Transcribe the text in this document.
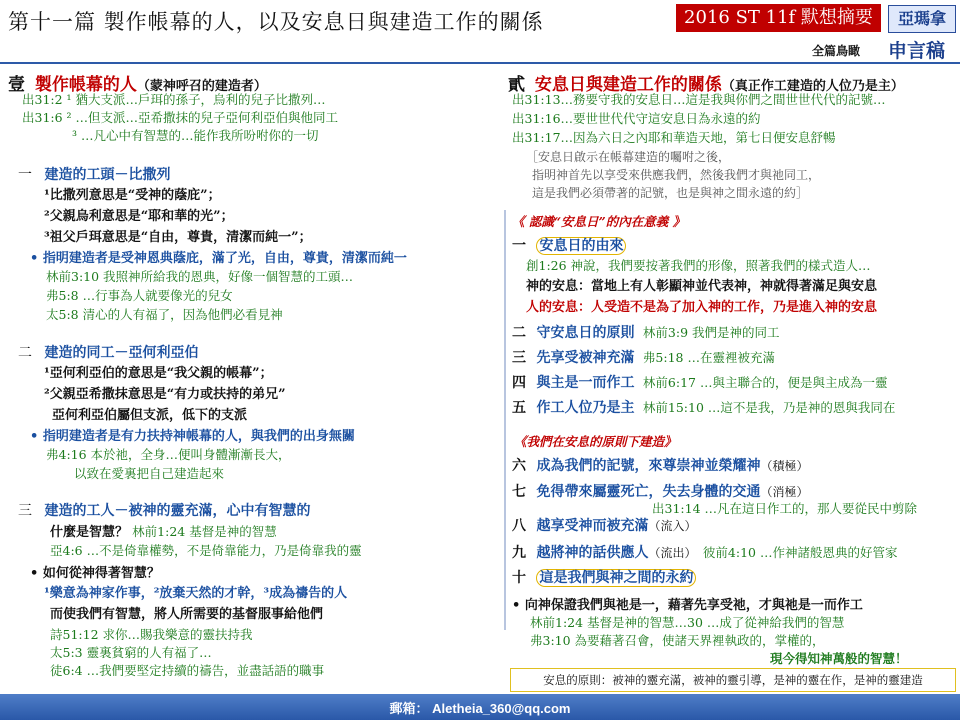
第十一篇 製作帳幕的人，以及安息日與建造工作的關係	2016 ST 11f 默想摘要	亞瑪拿
全篇鳥瞰 申言稿
壹 製作帳幕的人（蒙神呼召的建造者）
出31:2 ¹ 猶大支派…戶珥的孫子，烏利的兒子比撒列…
出31:6 ² …但支派…亞希撒抹的兒子亞何利亞伯與他同工
³ …凡心中有智慧的…能作我所吩咐你的一切
一 建造的工頭－比撒列
¹比撒列意思是“受神的蔭庇”；
²父親烏利意思是“耶和華的光”；
³祖父戶珥意思是“自由，尊貴，清潔而純一”；
• 指明建造者是受神恩典蔭庇，滿了光，自由，尊貴，清潔而純一
林前3:10 我照神所給我的恩典，好像一個智慧的工頭…
弗5:8 …行事為人就要像光的兒女
太5:8 清心的人有福了，因為他們必看見神
二 建造的同工－亞何利亞伯
¹亞何利亞伯的意思是“我父親的帳幕”；
²父親亞希撒抹意思是“有力或扶持的弟兄”
亞何利亞伯屬但支派，低下的支派
• 指明建造者是有力扶持神帳幕的人，與我們的出身無關
弗4:16 本於祂，全身…便叫身體漸漸長大，
以致在愛裏把自己建造起來
三 建造的工人－被神的靈充滿，心中有智慧的
什麼是智慧？ 林前1:24 基督是神的智慧
亞4:6 …不是倚靠權勢，不是倚靠能力，乃是倚靠我的靈
• 如何從神得著智慧？
¹樂意為神家作事，²放棄天然的才幹，³成為禱告的人
而使我們有智慧，將人所需要的基督服事給他們
詩51:12 求你…賜我樂意的靈扶持我
太5:3 靈裏貧窮的人有福了…
徒6:4 …我們要堅定持續的禱告，並盡話語的職事
貳 安息日與建造工作的關係（真正作工建造的人位乃是主）
出31:13…務要守我的安息日…這是我與你們之間世世代代的記號…
出31:16…要世世代代守這安息日為永遠的約
出31:17…因為六日之內耶和華造天地，第七日便安息舒暢
［安息日啟示在帳幕建造的囑咐之後，
指明神首先以享受來供應我們，然後我們才與祂同工，
這是我們必須帶著的記號，也是與神之間永遠的約］
《 認識“安息日”的內在意義 》
一 安息日的由來
創1:26 神說，我們要按著我們的形像，照著我們的樣式造人…
神的安息：當地上有人彰顯神並代表神，神就得著滿足與安息
人的安息：人受造不是為了加入神的工作，乃是進入神的安息
二 守安息日的原則 林前3:9 我們是神的同工
三 先享受被神充滿 弗5:18 …在靈裡被充滿
四 與主是一而作工 林前6:17 …與主聯合的，便是與主成為一靈
五 作工人位乃是主 林前15:10 …這不是我，乃是神的恩與我同在
《我們在安息的原則下建造》
六 成為我們的記號，來尊崇神並榮耀神（積極）
七 免得帶來屬靈死亡，失去身體的交通（消極）
出31:14 …凡在這日作工的，那人要從民中剪除
八 越享受神而被充滿（流入）
九 越將神的話供應人（流出） 彼前4:10 …作神諸般恩典的好管家
十 這是我們與神之間的永約
• 向神保證我們與祂是一，藉著先享受祂，才與祂是一而作工
林前1:24 基督是神的智慧…30 …成了從神給我們的智慧
弗3:10 為要藉著召會，使諸天界裡執政的，掌權的，
現今得知神萬般的智慧！
安息的原則：被神的靈充滿，被神的靈引導，是神的靈在作，是神的靈建造
郵箱： Aletheia_360@qq.com
